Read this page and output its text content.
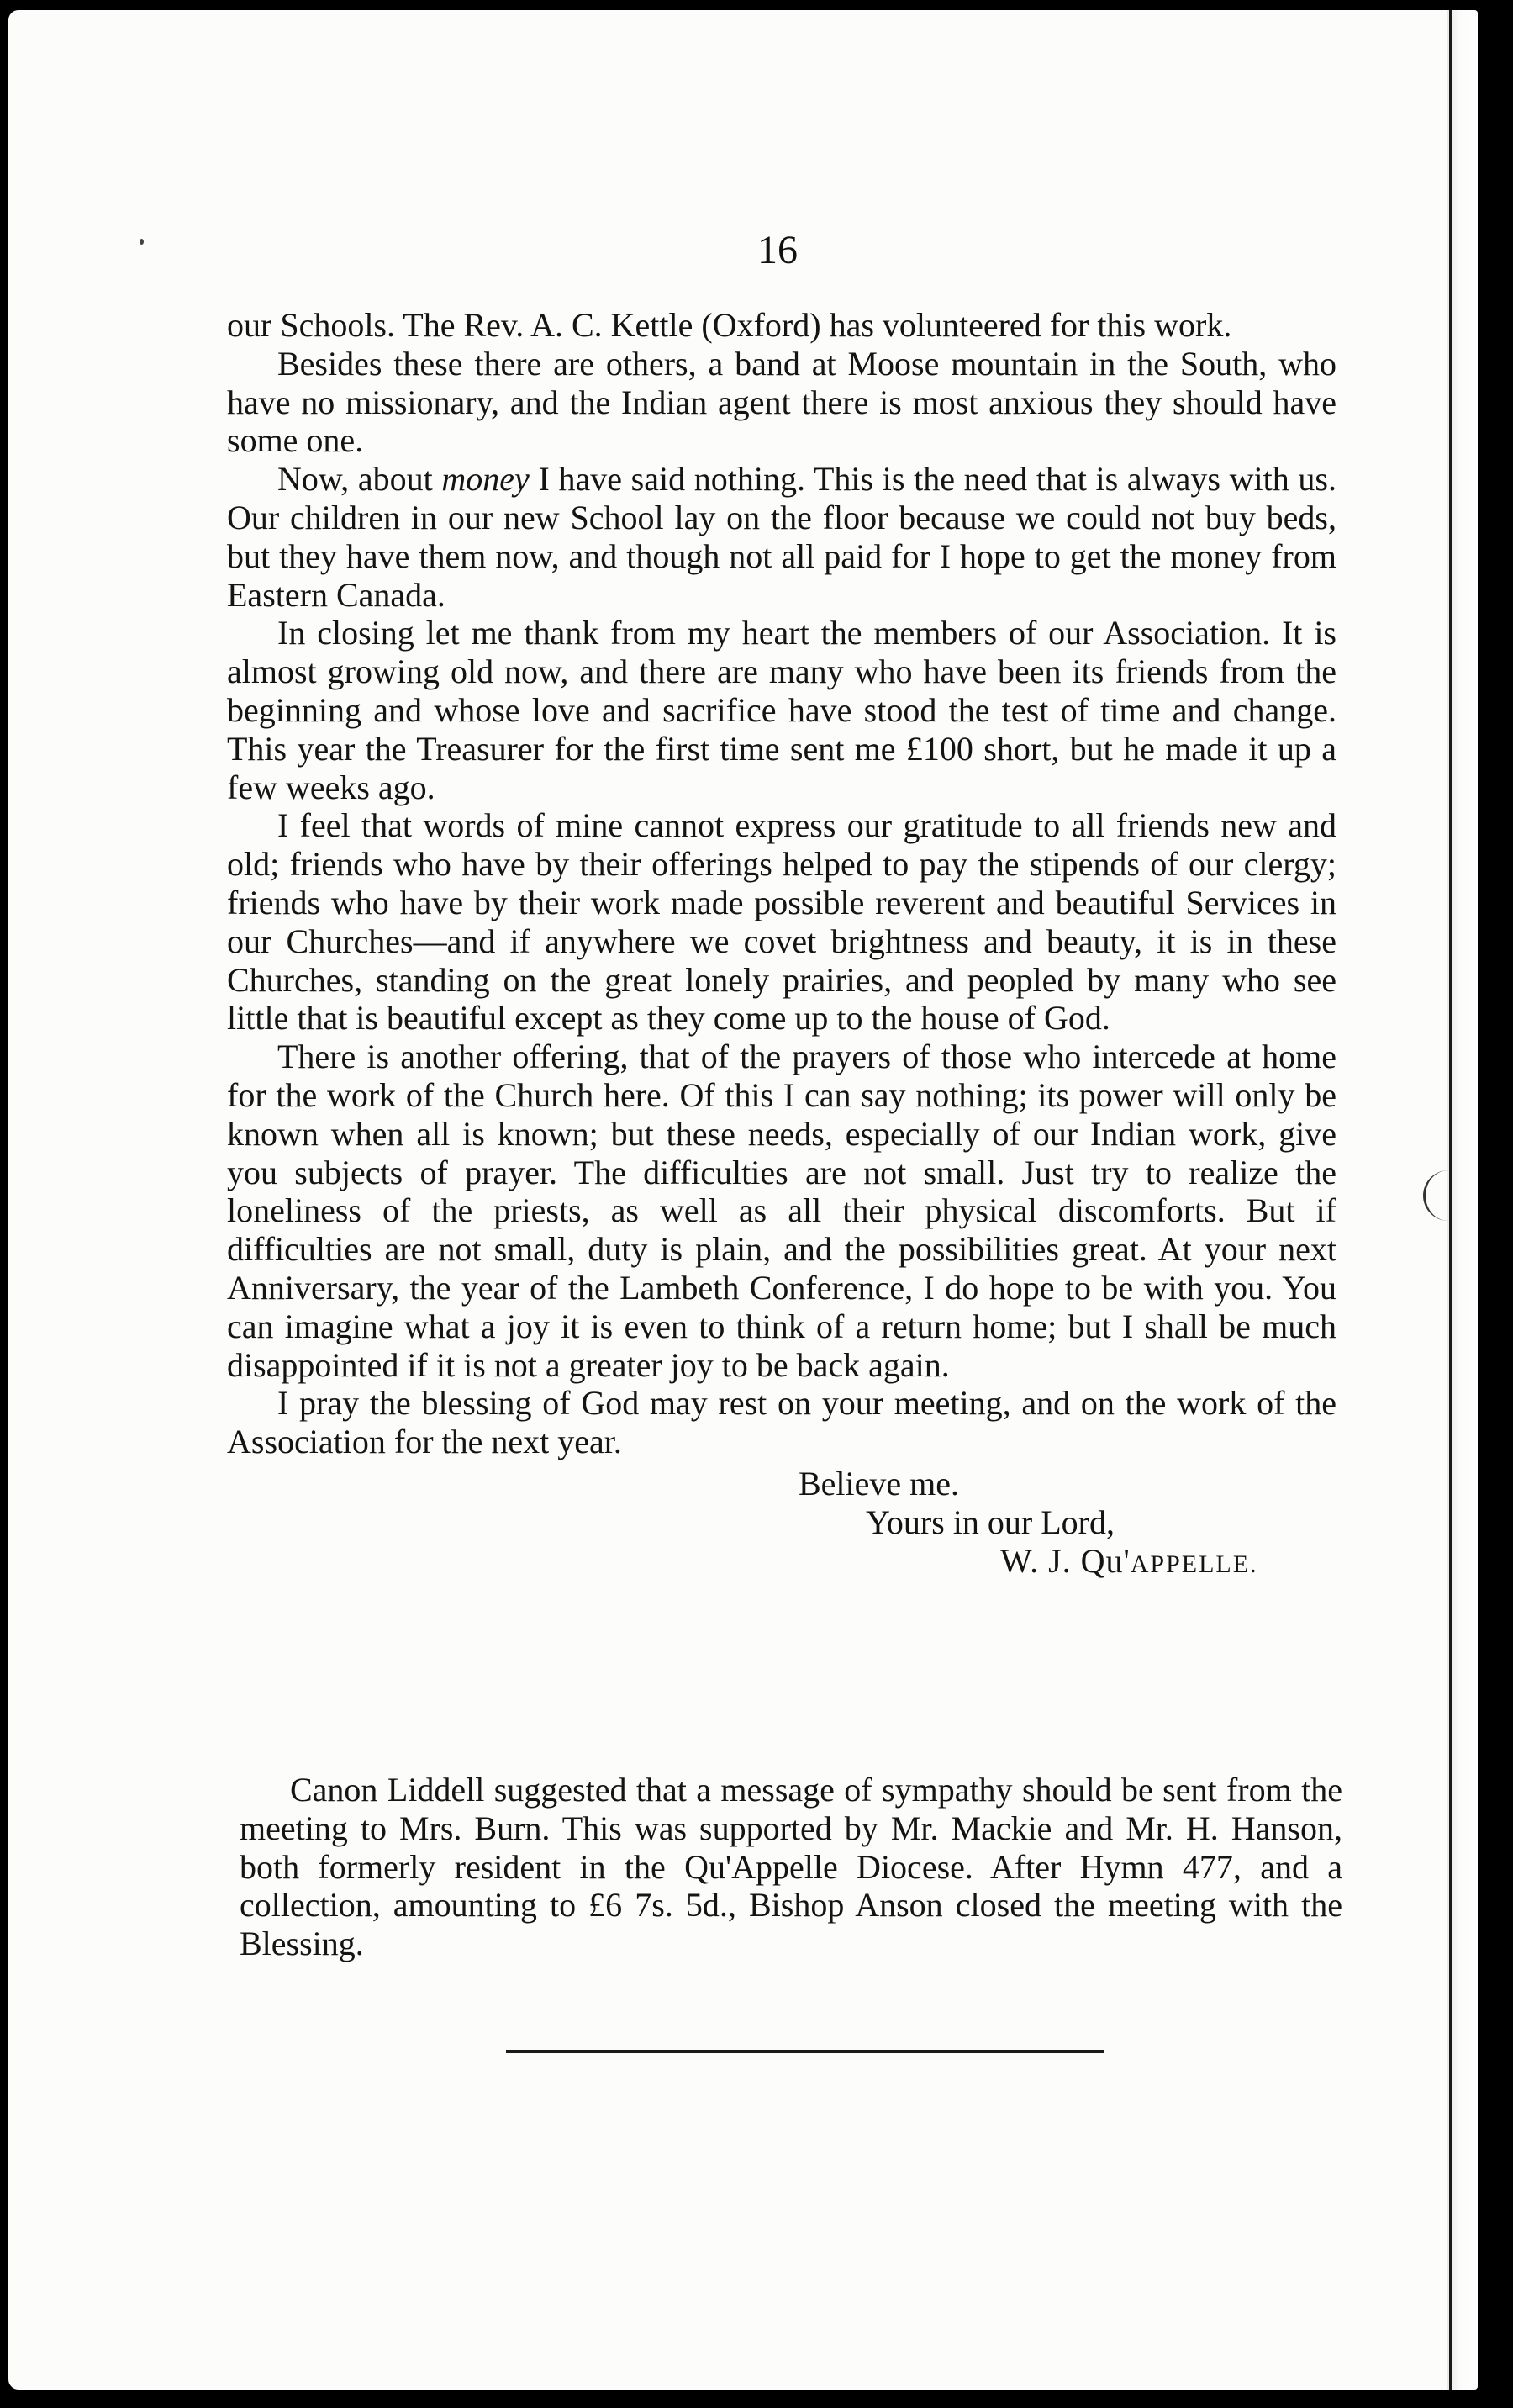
16

our Schools. The Rev. A. C. Kettle (Oxford) has volunteered for this work.

Besides these there are others, a band at Moose mountain in the South, who have no missionary, and the Indian agent there is most anxious they should have some one.

Now, about money I have said nothing. This is the need that is always with us. Our children in our new School lay on the floor because we could not buy beds, but they have them now, and though not all paid for I hope to get the money from Eastern Canada.

In closing let me thank from my heart the members of our Association. It is almost growing old now, and there are many who have been its friends from the beginning and whose love and sacrifice have stood the test of time and change. This year the Treasurer for the first time sent me £100 short, but he made it up a few weeks ago.

I feel that words of mine cannot express our gratitude to all friends new and old; friends who have by their offerings helped to pay the stipends of our clergy; friends who have by their work made possible reverent and beautiful Services in our Churches—and if anywhere we covet brightness and beauty, it is in these Churches, standing on the great lonely prairies, and peopled by many who see little that is beautiful except as they come up to the house of God.

There is another offering, that of the prayers of those who intercede at home for the work of the Church here. Of this I can say nothing; its power will only be known when all is known; but these needs, especially of our Indian work, give you subjects of prayer. The difficulties are not small. Just try to realize the loneliness of the priests, as well as all their physical discomforts. But if difficulties are not small, duty is plain, and the possibilities great. At your next Anniversary, the year of the Lambeth Conference, I do hope to be with you. You can imagine what a joy it is even to think of a return home; but I shall be much disappointed if it is not a greater joy to be back again.

I pray the blessing of God may rest on your meeting, and on the work of the Association for the next year.

Believe me.
Yours in our Lord,
W. J. Qu'APPELLE.

Canon Liddell suggested that a message of sympathy should be sent from the meeting to Mrs. Burn. This was supported by Mr. Mackie and Mr. H. Hanson, both formerly resident in the Qu'Appelle Diocese. After Hymn 477, and a collection, amounting to £6 7s. 5d., Bishop Anson closed the meeting with the Blessing.
